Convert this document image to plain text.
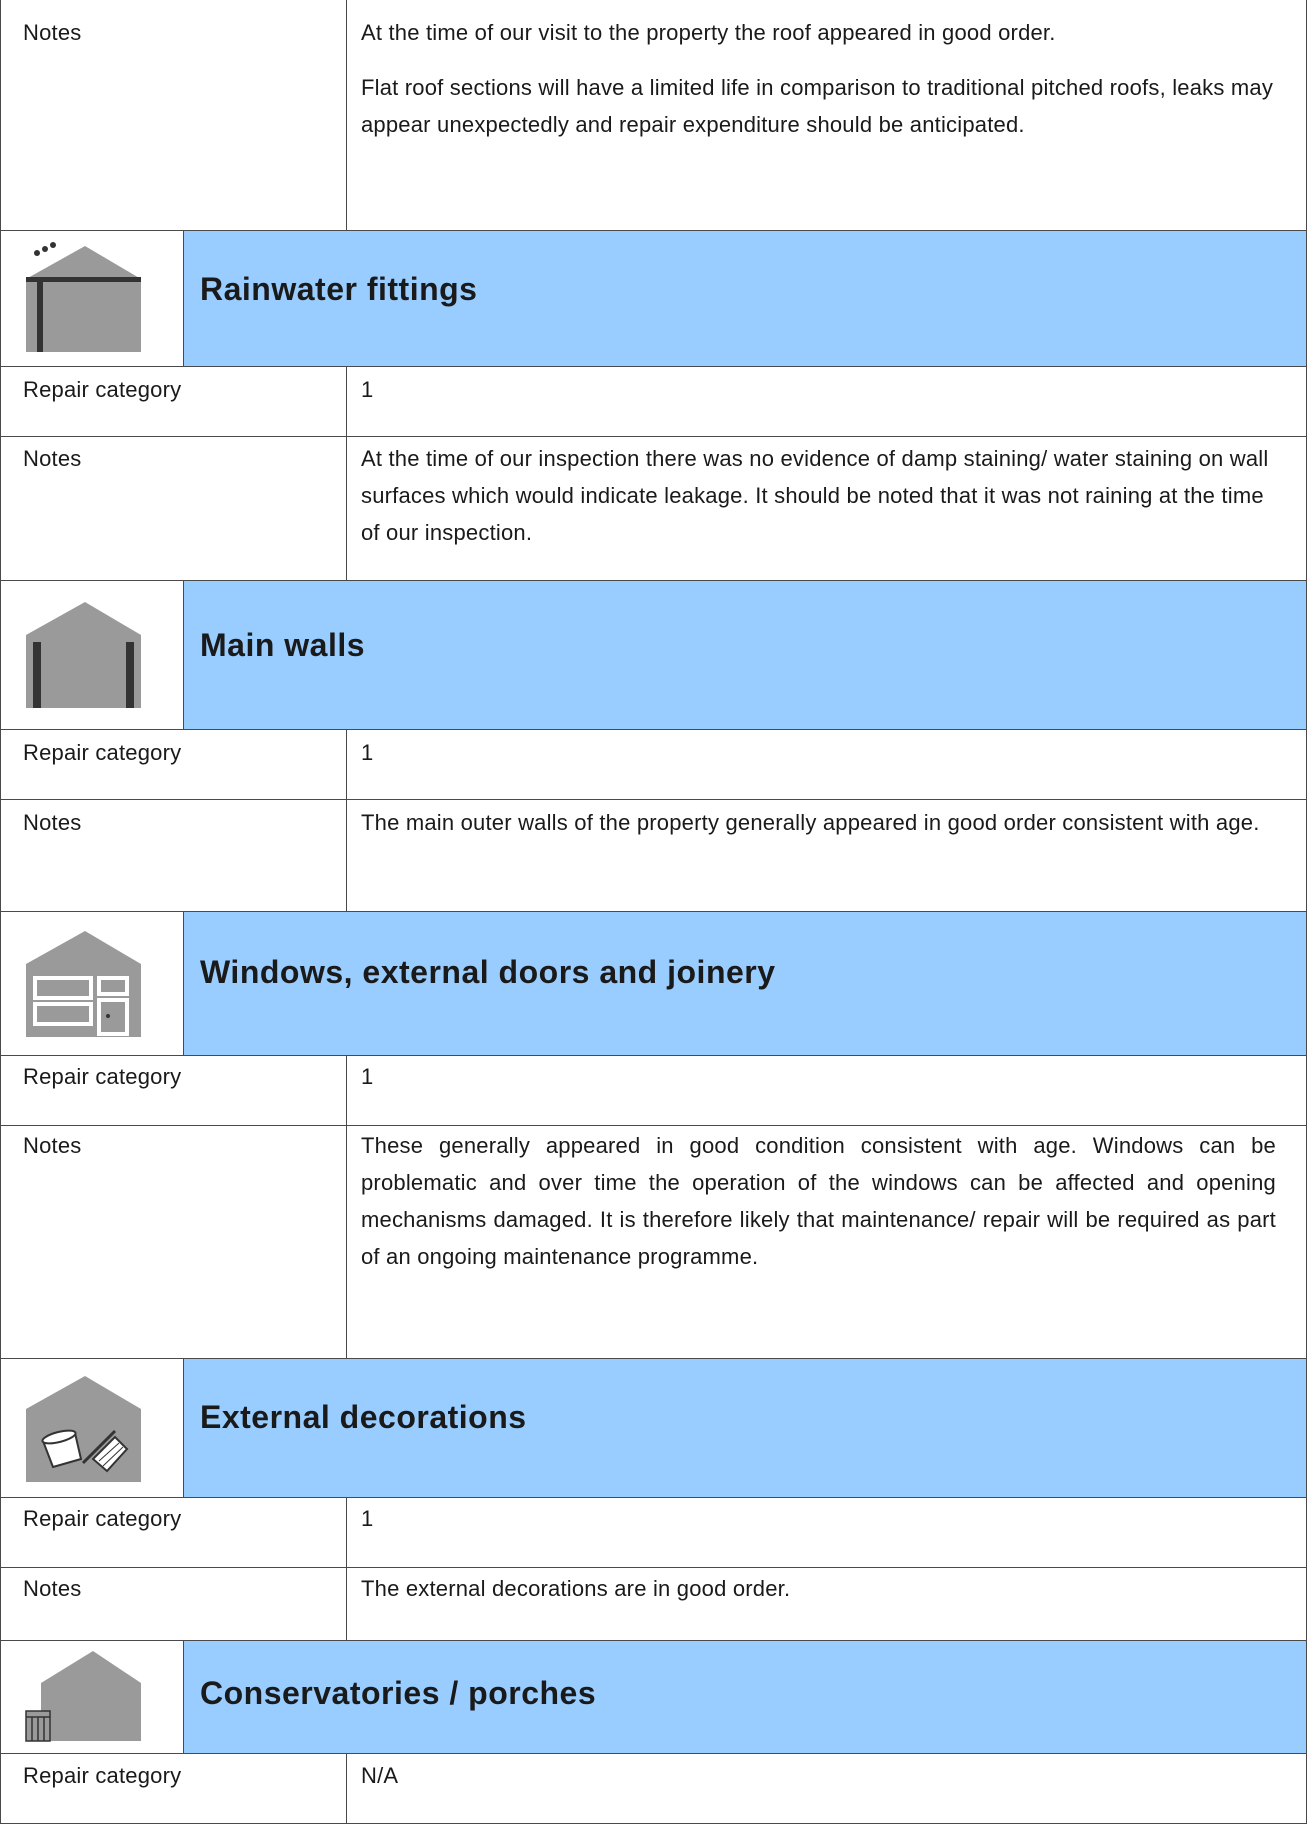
Notes	At the time of our visit to the property the roof appeared in good order.

Flat roof sections will have a limited life in comparison to traditional pitched roofs, leaks may appear unexpectedly and repair expenditure should be anticipated.

Rainwater fittings
Repair category	1
Notes	At the time of our inspection there was no evidence of damp staining/ water staining on wall surfaces which would indicate leakage. It should be noted that it was not raining at the time of our inspection.
Main walls
Repair category	1
Notes	The main outer walls of the property generally appeared in good order consistent with age.
Windows, external doors and joinery
Repair category	1
Notes	These generally appeared in good condition consistent with age. Windows can be problematic and over time the operation of the windows can be affected and opening mechanisms damaged. It is therefore likely that maintenance/ repair will be required as part of an ongoing maintenance programme.
External decorations
Repair category	1
Notes	The external decorations are in good order.
Conservatories / porches
Repair category	N/A
